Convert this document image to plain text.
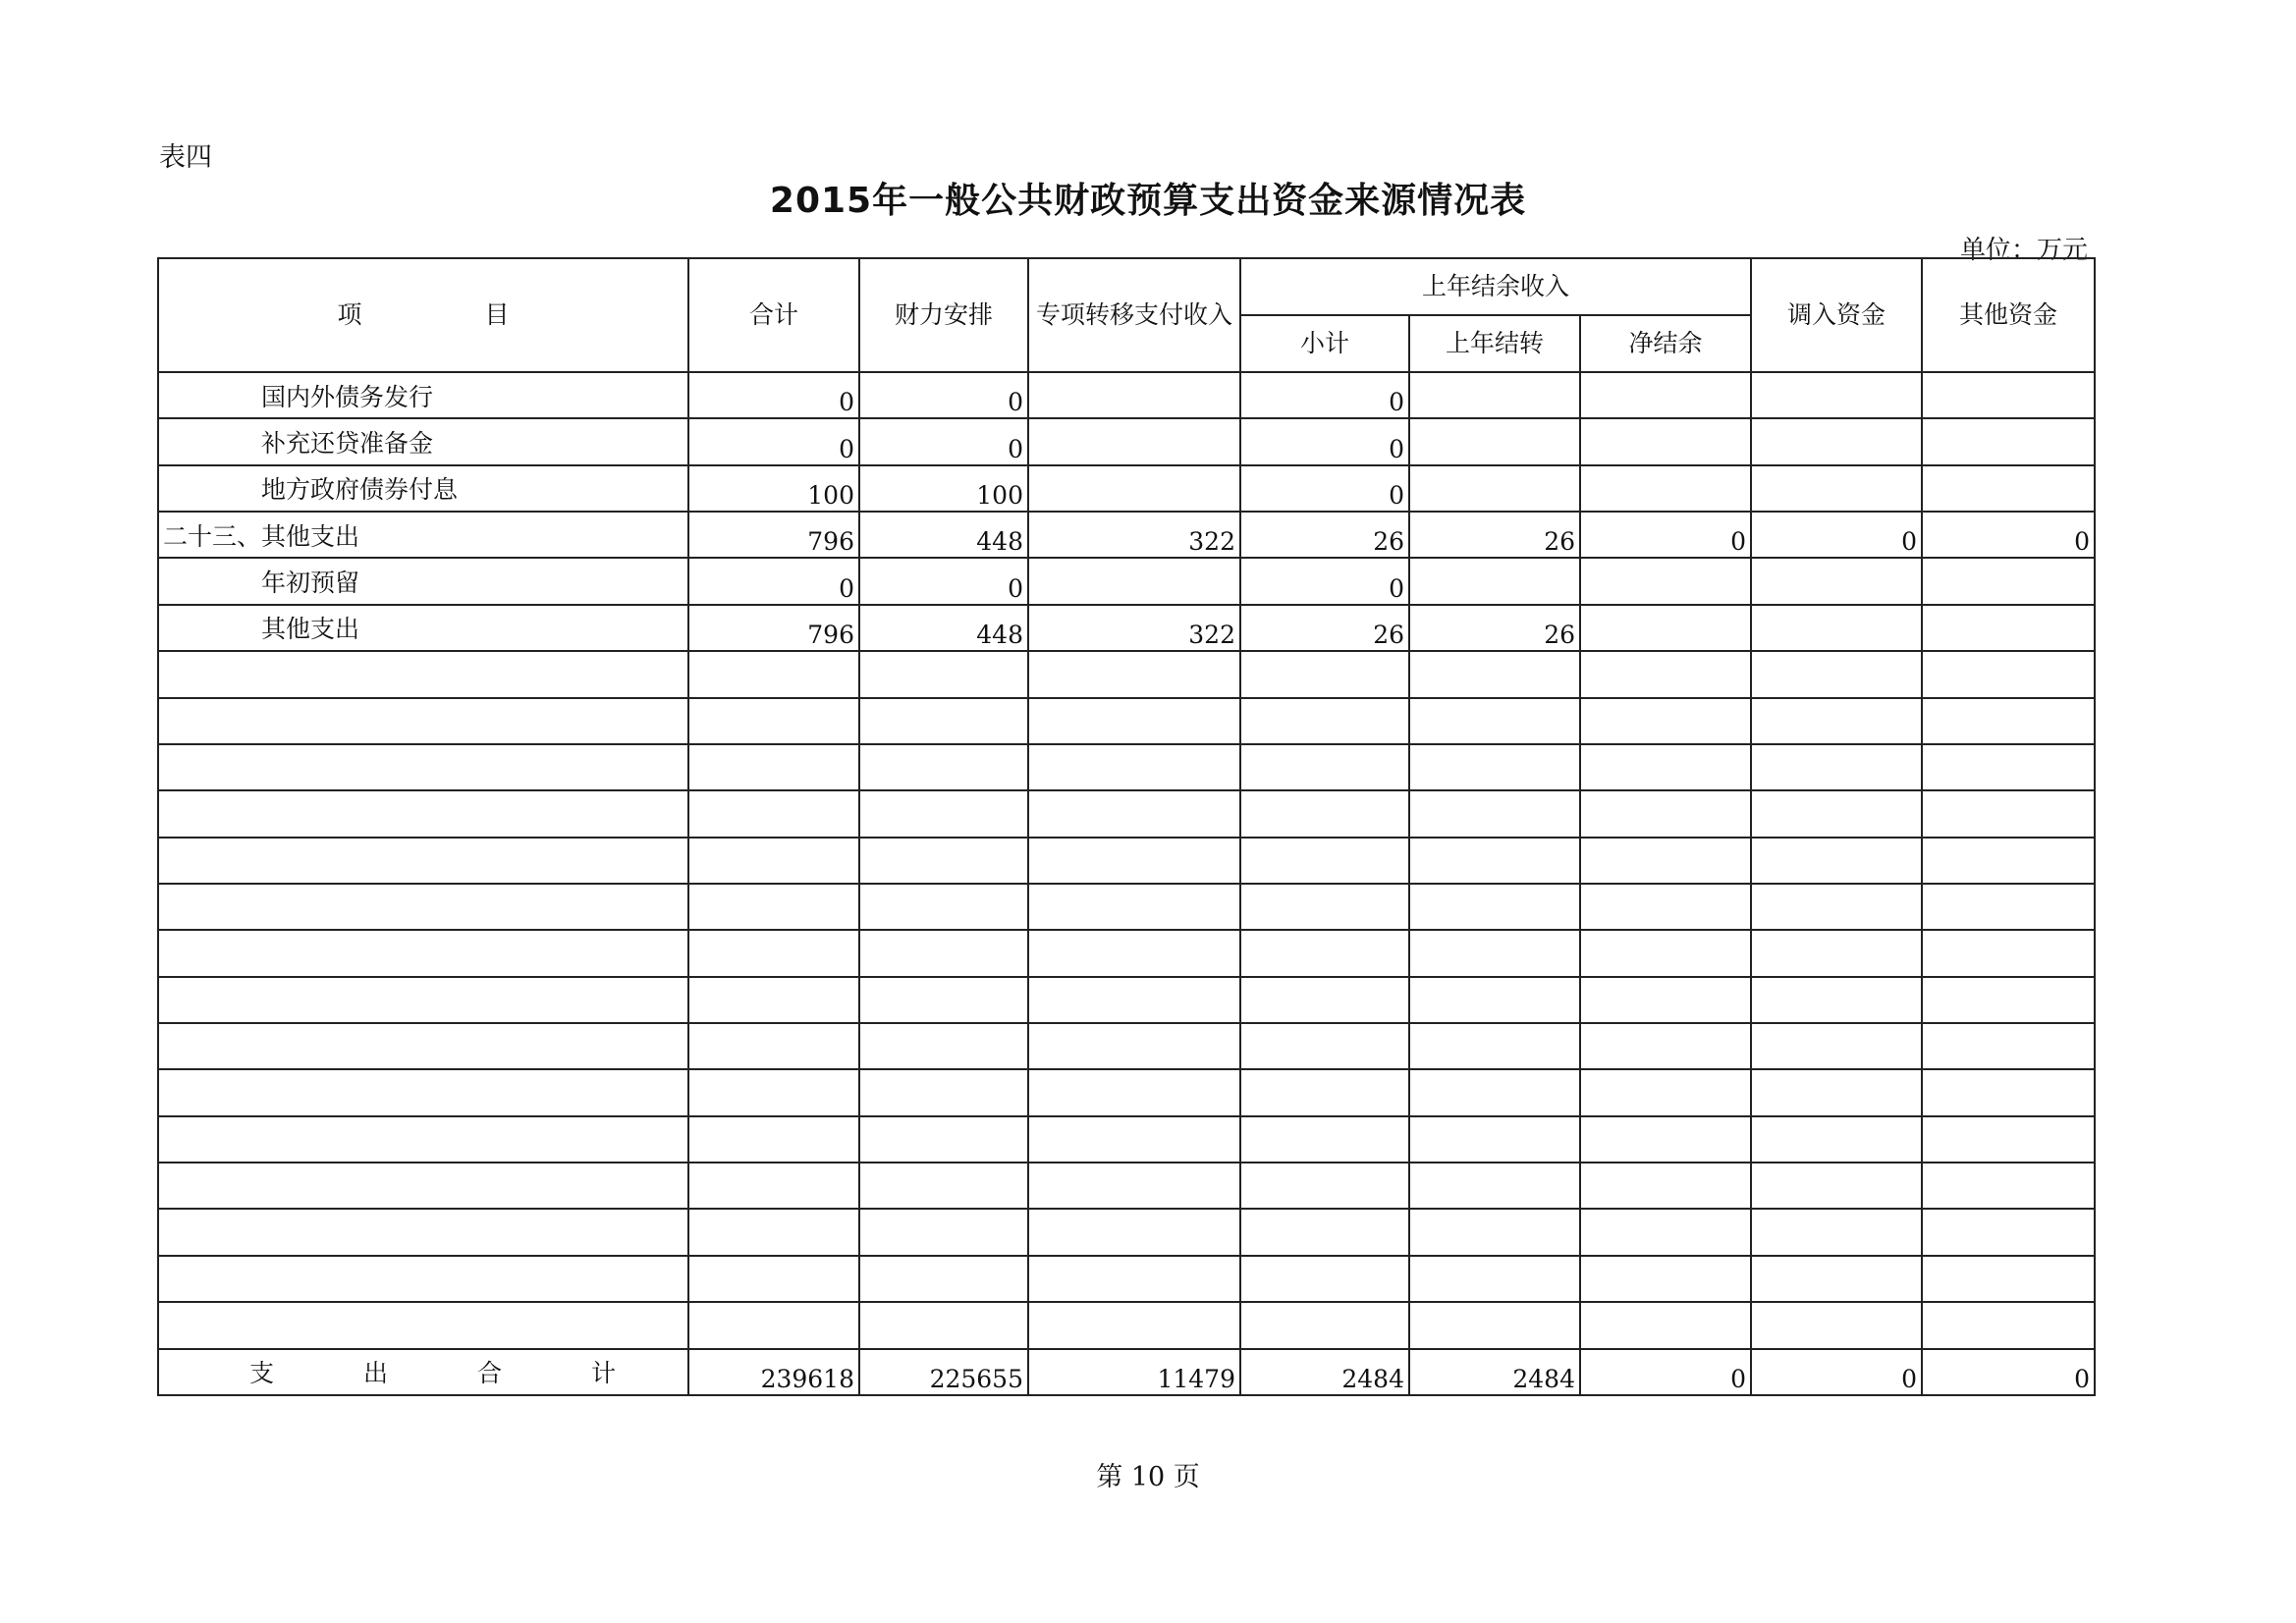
表四
2015年一般公共财政预算支出资金来源情况表
单位：万元
项　　　　　目	合计	财力安排	专项转移支付收入	上年结余收入			调入资金	其他资金
				小计	上年结转	净结余		
国内外债务发行	0	0		0				
补充还贷准备金	0	0		0				
地方政府债券付息	100	100		0				
二十三、其他支出	796	448	322	26	26	0	0	0
年初预留	0	0		0				
其他支出	796	448	322	26	26			

支 出 合 计	239618	225655	11479	2484	2484	0	0	0
第 10 页
